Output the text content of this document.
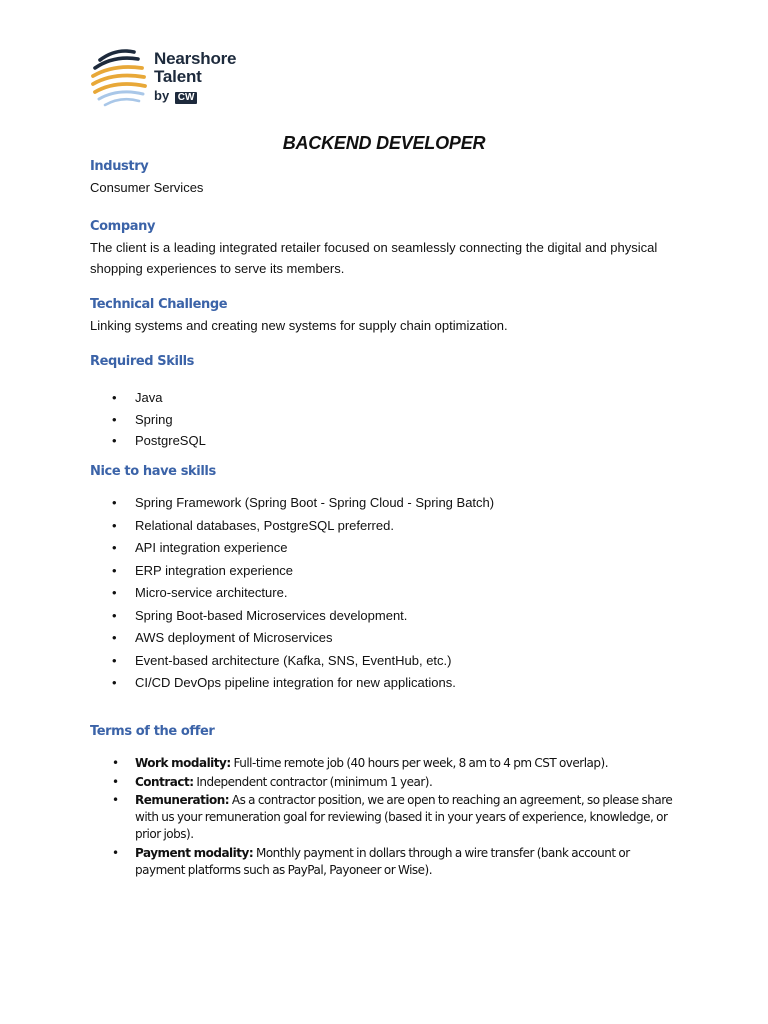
Nearshore
Talent
by CW
BACKEND DEVELOPER
Industry
Consumer Services
Company
The client is a leading integrated retailer focused on seamlessly connecting the digital and physical shopping experiences to serve its members.
Technical Challenge
Linking systems and creating new systems for supply chain optimization.
Required Skills
• Java
• Spring
• PostgreSQL
Nice to have skills
• Spring Framework (Spring Boot - Spring Cloud - Spring Batch)
• Relational databases, PostgreSQL preferred.
• API integration experience
• ERP integration experience
• Micro-service architecture.
• Spring Boot-based Microservices development.
• AWS deployment of Microservices
• Event-based architecture (Kafka, SNS, EventHub, etc.)
• CI/CD DevOps pipeline integration for new applications.
Terms of the offer
• Work modality: Full-time remote job (40 hours per week, 8 am to 4 pm CST overlap).
• Contract: Independent contractor (minimum 1 year).
• Remuneration: As a contractor position, we are open to reaching an agreement, so please share with us your remuneration goal for reviewing (based it in your years of experience, knowledge, or prior jobs).
• Payment modality: Monthly payment in dollars through a wire transfer (bank account or payment platforms such as PayPal, Payoneer or Wise).
